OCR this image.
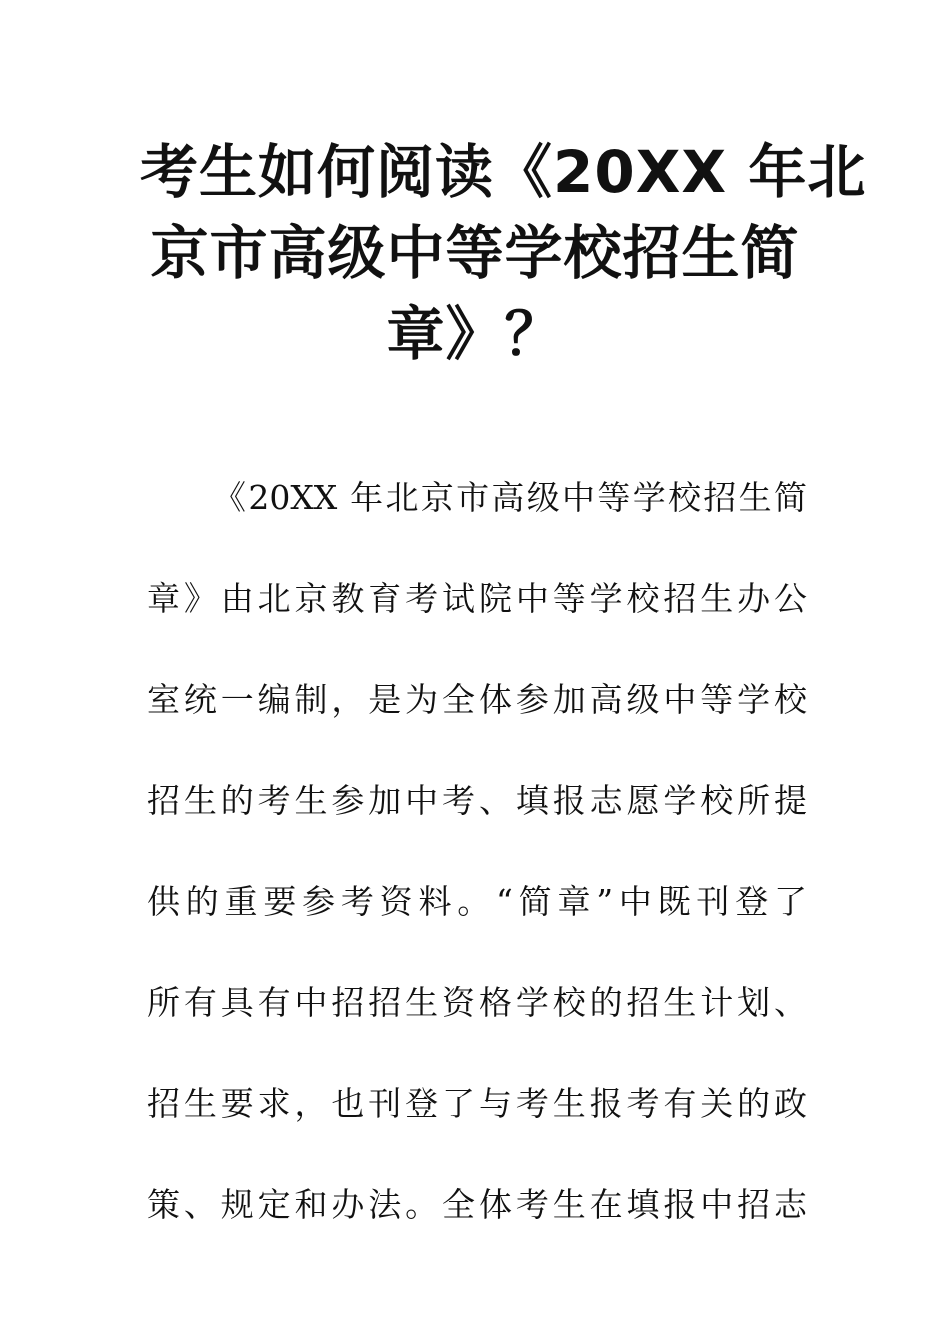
考生如何阅读《20XX 年北
京市高级中等学校招生简
章》？
《20XX 年北京市高级中等学校招生简
章》由北京教育考试院中等学校招生办公
室统一编制，是为全体参加高级中等学校
招生的考生参加中考、填报志愿学校所提
供的重要参考资料。“简章”中既刊登了
所有具有中招招生资格学校的招生计划、
招生要求，也刊登了与考生报考有关的政
策、规定和办法。全体考生在填报中招志
